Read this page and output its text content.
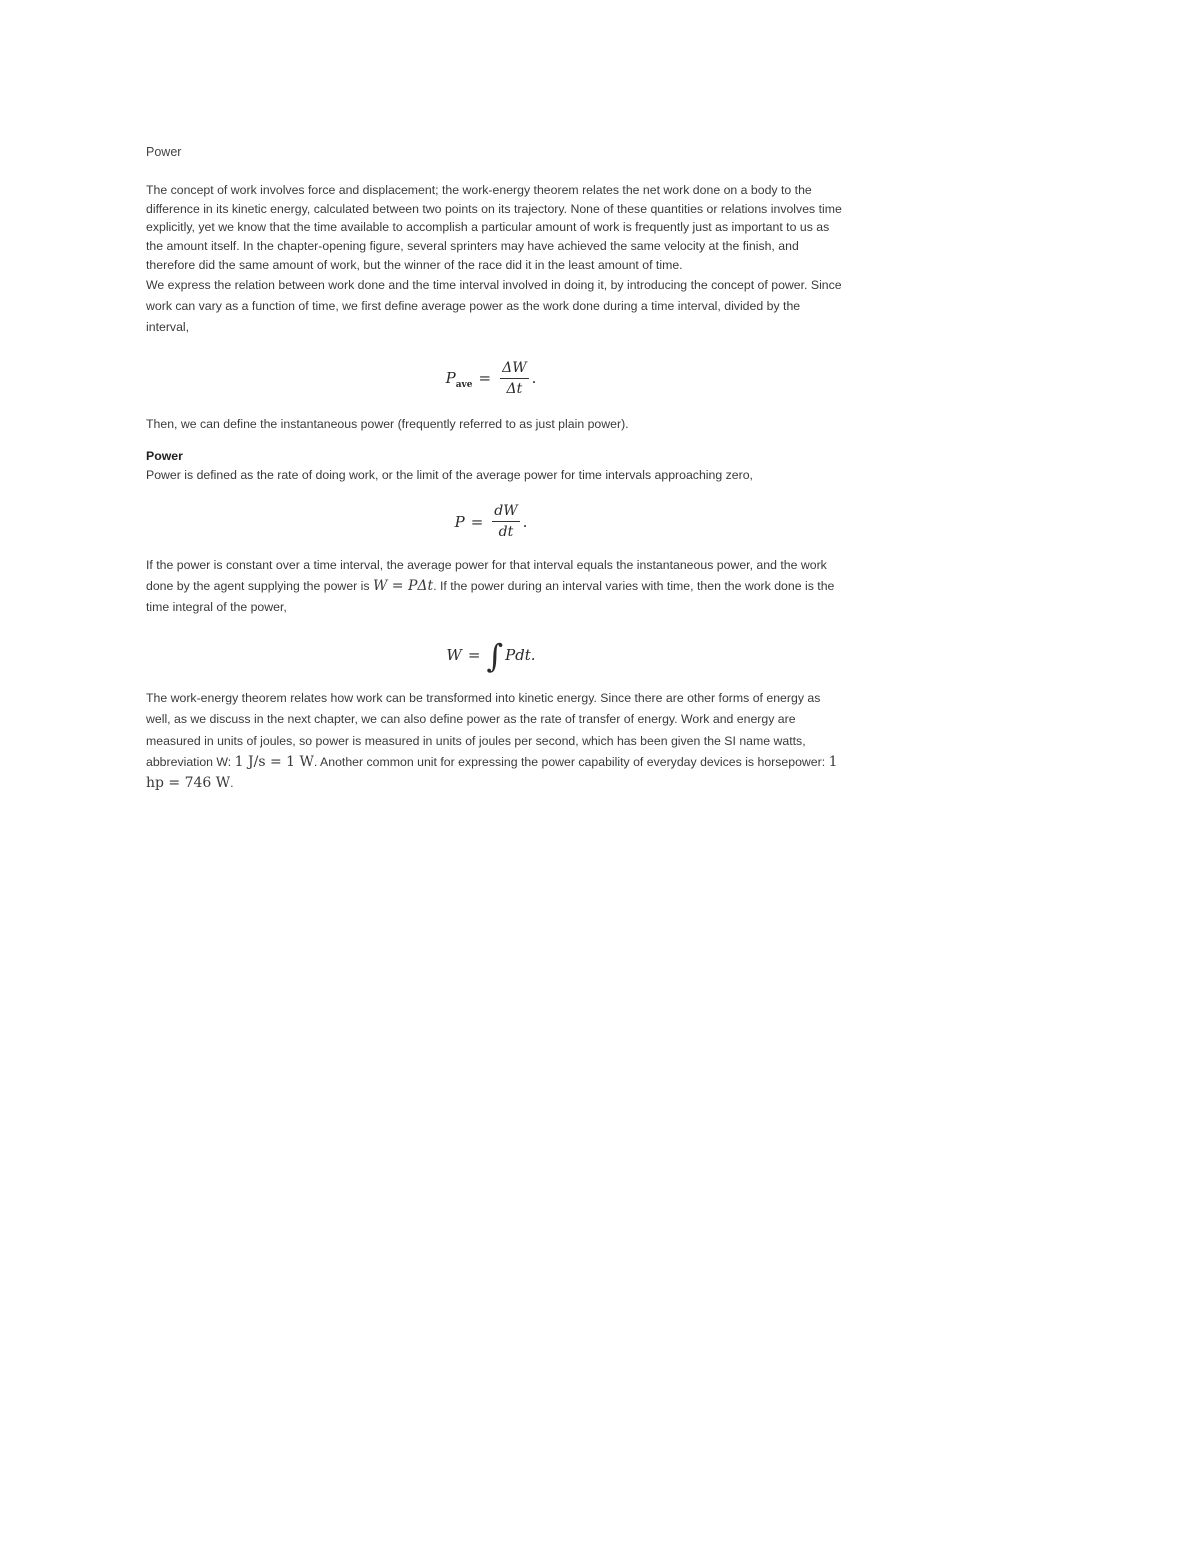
Power

The concept of work involves force and displacement; the work-energy theorem relates the net work done on a body to the difference in its kinetic energy, calculated between two points on its trajectory. None of these quantities or relations involves time explicitly, yet we know that the time available to accomplish a particular amount of work is frequently just as important to us as the amount itself. In the chapter-opening figure, several sprinters may have achieved the same velocity at the finish, and therefore did the same amount of work, but the winner of the race did it in the least amount of time.

We express the relation between work done and the time interval involved in doing it, by introducing the concept of power. Since work can vary as a function of time, we first define average power as the work done during a time interval, divided by the interval,

$P_{ave} = \frac{\Delta W}{\Delta t}$ .

Then, we can define the instantaneous power (frequently referred to as just plain power).

Power

Power is defined as the rate of doing work, or the limit of the average power for time intervals approaching zero,

$P = \frac{dW}{dt}$ .

If the power is constant over a time interval, the average power for that interval equals the instantaneous power, and the work done by the agent supplying the power is W = PΔt. If the power during an interval varies with time, then the work done is the time integral of the power,

W = ∫ Pdt.

The work-energy theorem relates how work can be transformed into kinetic energy. Since there are other forms of energy as well, as we discuss in the next chapter, we can also define power as the rate of transfer of energy. Work and energy are measured in units of joules, so power is measured in units of joules per second, which has been given the SI name watts, abbreviation W: 1 J/s = 1 W. Another common unit for expressing the power capability of everyday devices is horsepower: 1 hp = 746 W.
